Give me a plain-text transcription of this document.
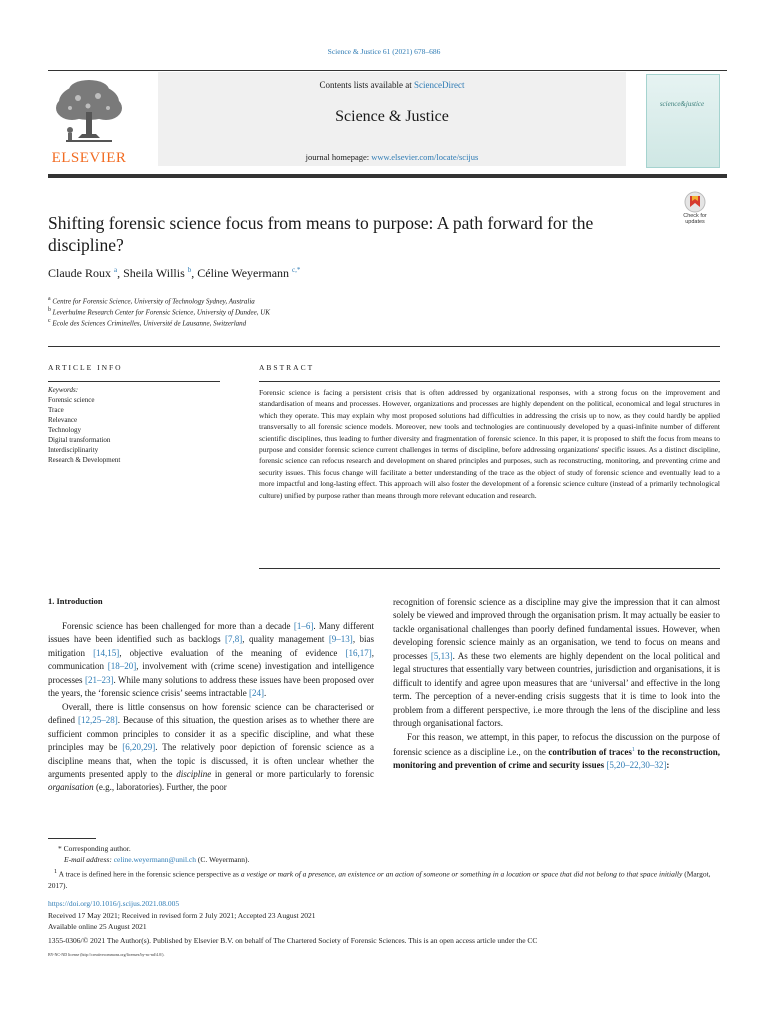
Science & Justice 61 (2021) 678–686
ELSEVIER
Contents lists available at ScienceDirect
Science & Justice
journal homepage: www.elsevier.com/locate/scijus
science&justice
Shifting forensic science focus from means to purpose: A path forward for the discipline?
Check for
updates
Claude Roux $^a$, Sheila Willis $^b$, Céline Weyermann $^{c,*}$
$^a$ Centre for Forensic Science, University of Technology Sydney, Australia
$^b$ Leverhulme Research Center for Forensic Science, University of Dundee, UK
$^c$ Ecole des Sciences Criminelles, Université de Lausanne, Switzerland
ARTICLE INFO	ABSTRACT
Keywords:
Forensic science
Trace
Relevance
Technology
Digital transformation
Interdisciplinarity
Research & Development
Forensic science is facing a persistent crisis that is often addressed by organizational responses, with a strong focus on the improvement and standardisation of means and processes. However, organizations and processes are highly dependent on the political, economical and legal structures in which they operate. This may explain why most proposed solutions had difficulties in addressing the crisis up to now, as they could hardly be applied transversally to all forensic science models. Moreover, new tools and technologies are continuously developed by a quasi-infinite number of different scientific disciplines, thus leading to further diversity and fragmentation of forensic science. In this paper, it is proposed to shift the focus from means to purpose and consider forensic science current challenges in terms of discipline, before addressing organizations' specific issues. As a distinct discipline, forensic science can refocus research and development on shared principles and purposes, such as reconstructing, monitoring, and preventing crime and security issues. This focus change will facilitate a better understanding of the trace as the object of study of forensic science and eventually lead to a more impactful and long-lasting effect. This approach will also foster the development of a forensic science culture (instead of a primarily technological culture) unified by purpose rather than means through more relevant education and research.
1. Introduction

Forensic science has been challenged for more than a decade [1–6]. Many different issues have been identified such as backlogs [7,8], quality management [9–13], bias mitigation [14,15], objective evaluation of the meaning of evidence [16,17], communication [18–20], involvement with (crime scene) investigation and intelligence processes [21–23]. While many solutions to address these issues have been proposed over the years, the ‘forensic science crisis’ seems intractable [24].

Overall, there is little consensus on how forensic science can be characterised or defined [12,25–28]. Because of this situation, the question arises as to whether there are sufficient common principles to consider it as a specific discipline, and what these principles may be [6,20,29]. The relatively poor depiction of forensic science as a discipline means that, when the topic is discussed, it is often unclear whether the arguments presented apply to the discipline in general or more particularly to forensic organisation (e.g., laboratories). Further, the poor

recognition of forensic science as a discipline may give the impression that it can almost solely be viewed and improved through the organisation prism. It may actually be easier to tackle organisational challenges than poorly defined fundamental issues. However, when developing forensic science mainly as an organisation, we tend to focus on means and processes [5,13]. As these two elements are highly dependent on the local political and legal structures that essentially vary between countries, jurisdiction and organisations, it is difficult to identify and agree upon measures that are ‘universal’ and effective in the long term. The perception of a never-ending crisis suggests that it is time to look into the problem from a different perspective, i.e more through the lens of the discipline and less through organisational factors.

For this reason, we attempt, in this paper, to refocus the discussion on the purpose of forensic science as a discipline i.e., on the contribution of traces$^1$ to the reconstruction, monitoring and prevention of crime and security issues [5,20–22,30–32]:

* Corresponding author.
E-mail address: celine.weyermann@unil.ch (C. Weyermann).
$^1$ A trace is defined here in the forensic science perspective as a vestige or mark of a presence, an existence or an action of someone or something in a location or space that did not belong to that space initially (Margot, 2017).
https://doi.org/10.1016/j.scijus.2021.08.005
Received 17 May 2021; Received in revised form 2 July 2021; Accepted 23 August 2021
Available online 25 August 2021
1355-0306/© 2021 The Author(s). Published by Elsevier B.V. on behalf of The Chartered Society of Forensic Sciences. This is an open access article under the CC
BY-NC-ND license (http://creativecommons.org/licenses/by-nc-nd/4.0/).
